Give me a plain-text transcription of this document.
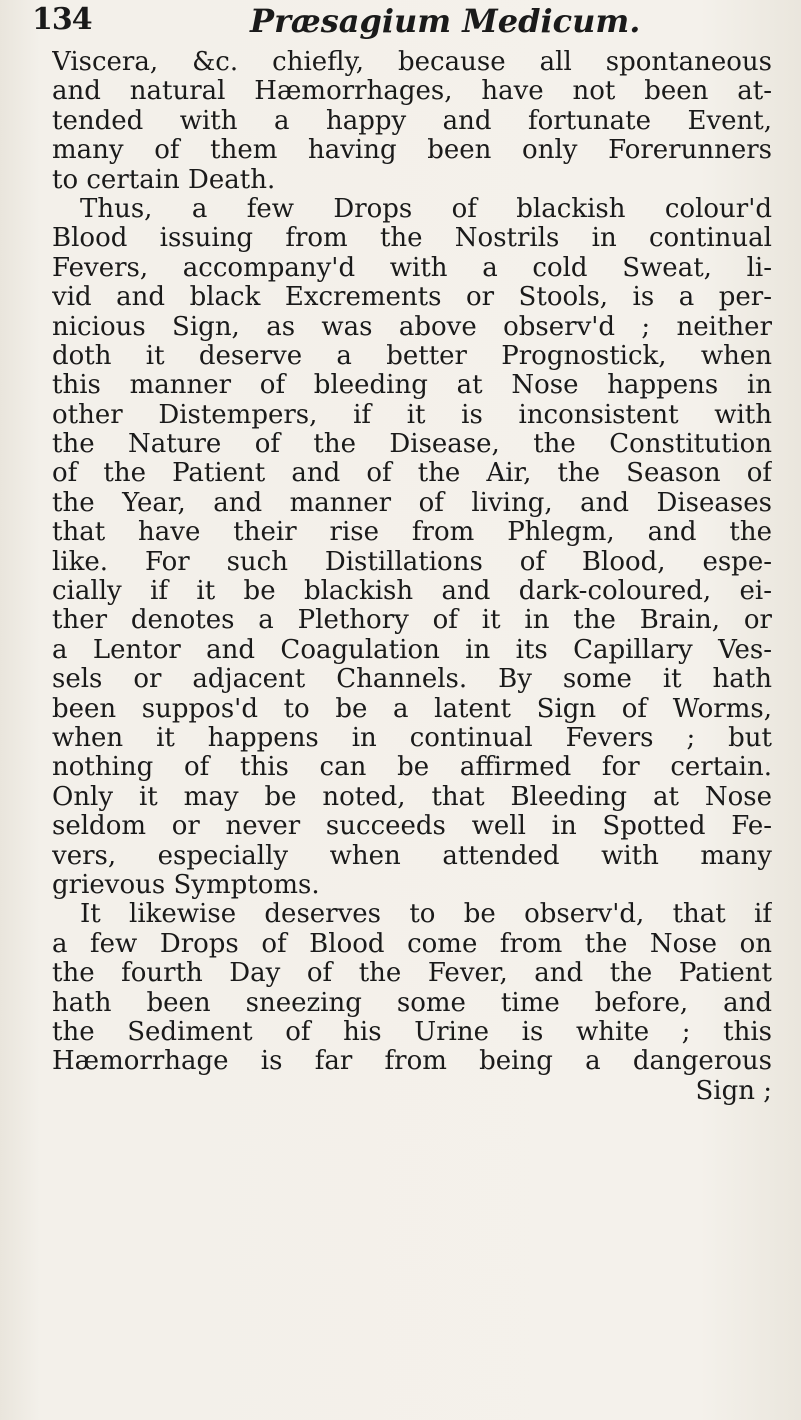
134	Præsagium Medicum.
Viscera, &c. chiefly, because all spontaneous
and natural Hæmorrhages, have not been at-
tended with a happy and fortunate Event,
many of them having been only Forerunners
to certain Death.
Thus, a few Drops of blackish colour'd
Blood issuing from the Nostrils in continual
Fevers, accompany'd with a cold Sweat, li-
vid and black Excrements or Stools, is a per-
nicious Sign, as was above observ'd ; neither
doth it deserve a better Prognostick, when
this manner of bleeding at Nose happens in
other Distempers, if it is inconsistent with
the Nature of the Disease, the Constitution
of the Patient and of the Air, the Season of
the Year, and manner of living, and Diseases
that have their rise from Phlegm, and the
like. For such Distillations of Blood, espe-
cially if it be blackish and dark-coloured, ei-
ther denotes a Plethory of it in the Brain, or
a Lentor and Coagulation in its Capillary Ves-
sels or adjacent Channels. By some it hath
been suppos'd to be a latent Sign of Worms,
when it happens in continual Fevers ; but
nothing of this can be affirmed for certain.
Only it may be noted, that Bleeding at Nose
seldom or never succeeds well in Spotted Fe-
vers, especially when attended with many
grievous Symptoms.
It likewise deserves to be observ'd, that if
a few Drops of Blood come from the Nose on
the fourth Day of the Fever, and the Patient
hath been sneezing some time before, and
the Sediment of his Urine is white ; this
Hæmorrhage is far from being a dangerous
Sign ;
